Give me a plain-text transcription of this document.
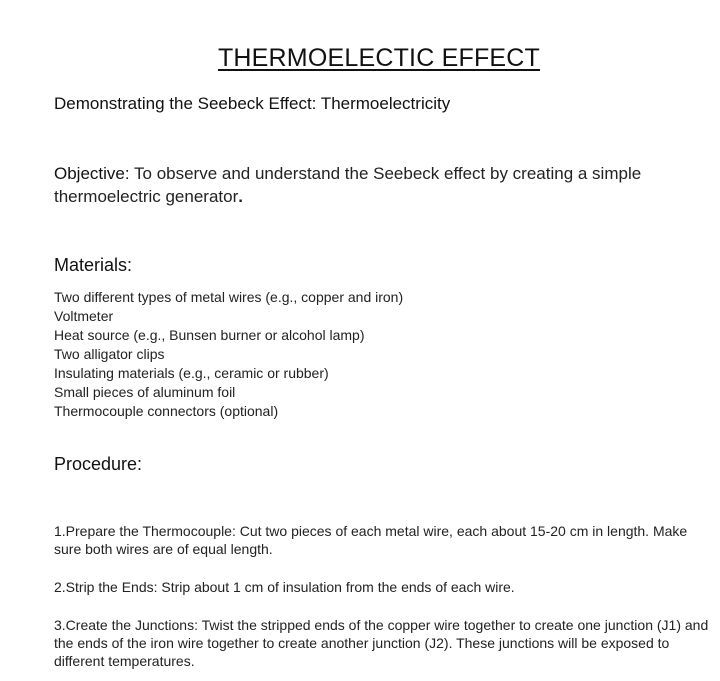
THERMOELECTIC EFFECT
Demonstrating the Seebeck Effect: Thermoelectricity
Objective: To observe and understand the Seebeck effect by creating a simple thermoelectric generator.
Materials:
Two different types of metal wires (e.g., copper and iron)
Voltmeter
Heat source (e.g., Bunsen burner or alcohol lamp)
Two alligator clips
Insulating materials (e.g., ceramic or rubber)
Small pieces of aluminum foil
Thermocouple connectors (optional)
Procedure:

1.Prepare the Thermocouple: Cut two pieces of each metal wire, each about 15-20 cm in length. Make sure both wires are of equal length.

2.Strip the Ends: Strip about 1 cm of insulation from the ends of each wire.

3.Create the Junctions: Twist the stripped ends of the copper wire together to create one junction (J1) and the ends of the iron wire together to create another junction (J2). These junctions will be exposed to different temperatures.
